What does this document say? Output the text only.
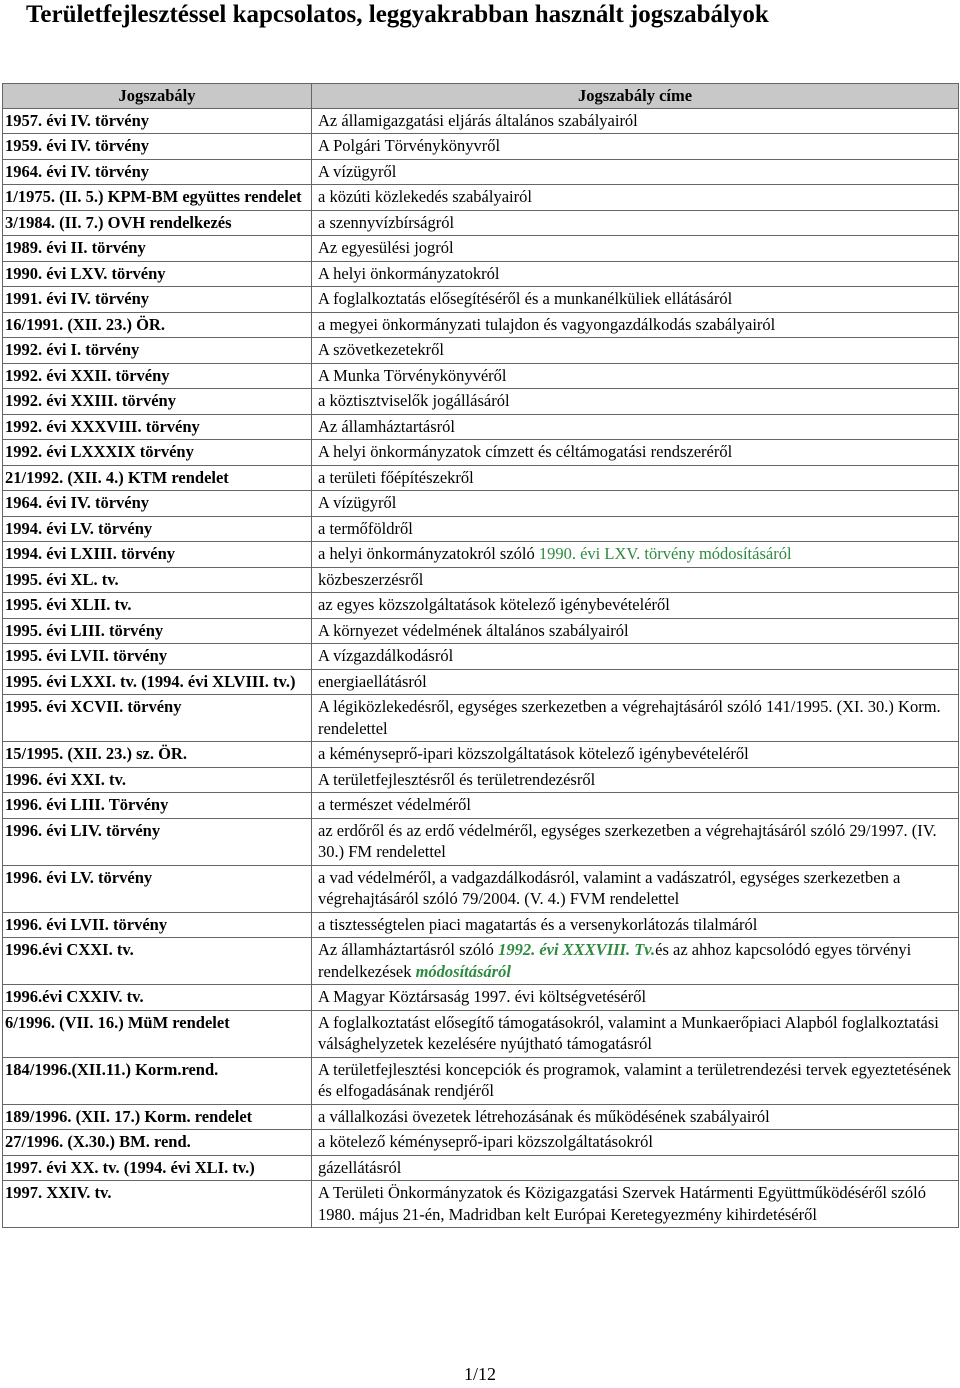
Területfejlesztéssel kapcsolatos, leggyakrabban használt jogszabályok
Jogszabály	Jogszabály címe
1957. évi IV. törvény	Az államigazgatási eljárás általános szabályairól
1959. évi IV. törvény	A Polgári Törvénykönyvről
1964. évi IV. törvény	A vízügyről
1/1975. (II. 5.) KPM-BM együttes rendelet	a közúti közlekedés szabályairól
3/1984. (II. 7.) OVH rendelkezés	a szennyvízbírságról
1989. évi II. törvény	Az egyesülési jogról
1990. évi LXV. törvény	A helyi önkormányzatokról
1991. évi IV. törvény	A foglalkoztatás elősegítéséről és a munkanélküliek ellátásáról
16/1991. (XII. 23.) ÖR.	a megyei önkormányzati tulajdon és vagyongazdálkodás szabályairól
1992. évi I. törvény	A szövetkezetekről
1992. évi XXII. törvény	A Munka Törvénykönyvéről
1992. évi XXIII. törvény	a köztisztviselők jogállásáról
1992. évi XXXVIII. törvény	Az államháztartásról
1992. évi LXXXIX törvény	A helyi önkormányzatok címzett és céltámogatási rendszeréről
21/1992. (XII. 4.) KTM rendelet	a területi főépítészekről
1964. évi IV. törvény	A vízügyről
1994. évi LV. törvény	a termőföldről
1994. évi LXIII. törvény	a helyi önkormányzatokról szóló 1990. évi LXV. törvény módosításáról
1995. évi XL. tv.	közbeszerzésről
1995. évi XLII. tv.	az egyes közszolgáltatások kötelező igénybevételéről
1995. évi LIII. törvény	A környezet védelmének általános szabályairól
1995. évi LVII. törvény	A vízgazdálkodásról
1995. évi LXXI. tv. (1994. évi XLVIII. tv.)	energiaellátásról
1995. évi XCVII. törvény	A légiközlekedésről, egységes szerkezetben a végrehajtásáról szóló 141/1995. (XI. 30.) Korm. rendelettel
15/1995. (XII. 23.) sz. ÖR.	a kéményseprő-ipari közszolgáltatások kötelező igénybevételéről
1996. évi XXI. tv.	A területfejlesztésről és területrendezésről
1996. évi LIII. Törvény	a természet védelméről
1996. évi LIV. törvény	az erdőről és az erdő védelméről, egységes szerkezetben a végrehajtásáról szóló 29/1997. (IV. 30.) FM rendelettel
1996. évi LV. törvény	a vad védelméről, a vadgazdálkodásról, valamint a vadászatról, egységes szerkezetben a végrehajtásáról szóló 79/2004. (V. 4.) FVM rendelettel
1996. évi LVII. törvény	a tisztességtelen piaci magatartás és a versenykorlátozás tilalmáról
1996.évi CXXI. tv.	Az államháztartásról szóló 1992. évi XXXVIII. Tv.és az ahhoz kapcsolódó egyes törvényi rendelkezések módosításáról
1996.évi CXXIV. tv.	A Magyar Köztársaság 1997. évi költségvetéséről
6/1996. (VII. 16.) MüM rendelet	A foglalkoztatást elősegítő támogatásokról, valamint a Munkaerőpiaci Alapból foglalkoztatási válsághelyzetek kezelésére nyújtható támogatásról
184/1996.(XII.11.) Korm.rend.	A területfejlesztési koncepciók és programok, valamint a területrendezési tervek egyeztetésének és elfogadásának rendjéről
189/1996. (XII. 17.) Korm. rendelet	a vállalkozási övezetek létrehozásának és működésének szabályairól
27/1996. (X.30.) BM. rend.	a kötelező kéményseprő-ipari közszolgáltatásokról
1997. évi XX. tv. (1994. évi XLI. tv.)	gázellátásról
1997. XXIV. tv.	A Területi Önkormányzatok és Közigazgatási Szervek Határmenti Együttműködéséről szóló 1980. május 21-én, Madridban kelt Európai Keretegyezmény kihirdetéséről
1/12
